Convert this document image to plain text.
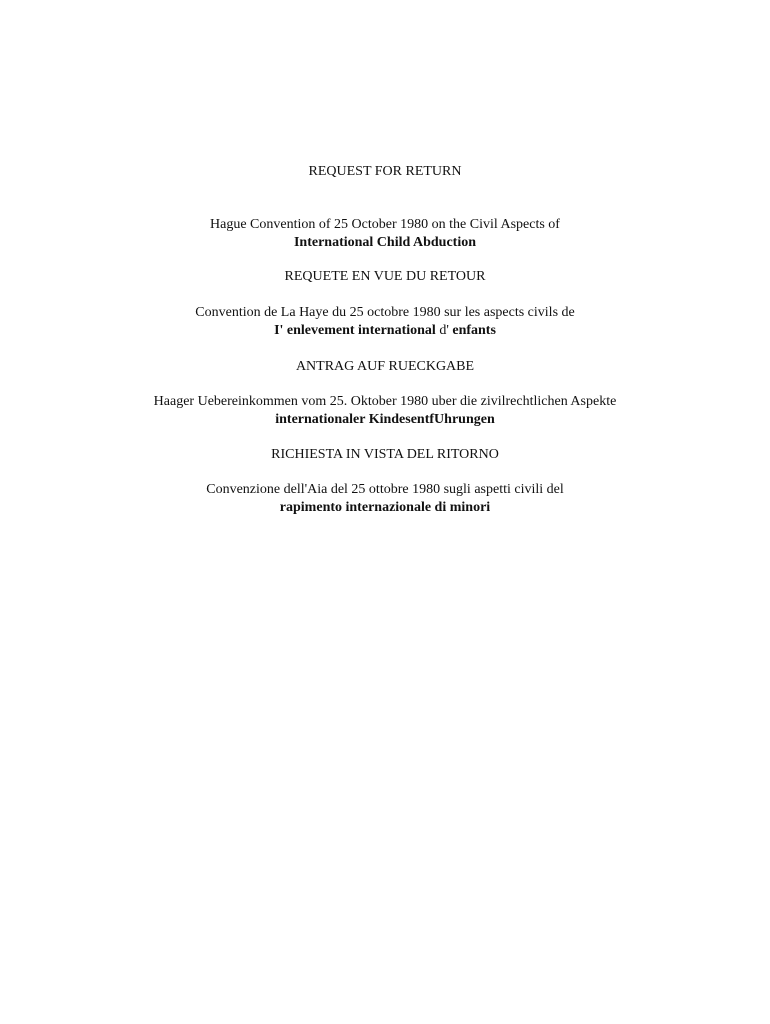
REQUEST FOR RETURN
Hague Convention of 25 October 1980 on the Civil Aspects of
International Child Abduction
REQUETE EN VUE DU RETOUR
Convention de La Haye du 25 octobre 1980 sur les aspects civils de
I' enlevement international d' enfants
ANTRAG AUF RUECKGABE
Haager Uebereinkommen vom 25. Oktober 1980 uber die zivilrechtlichen Aspekte
internationaler KindesentfUhrungen
RICHIESTA IN VISTA DEL RITORNO
Convenzione dell'Aia del 25 ottobre 1980 sugli aspetti civili del
rapimento internazionale di minori
